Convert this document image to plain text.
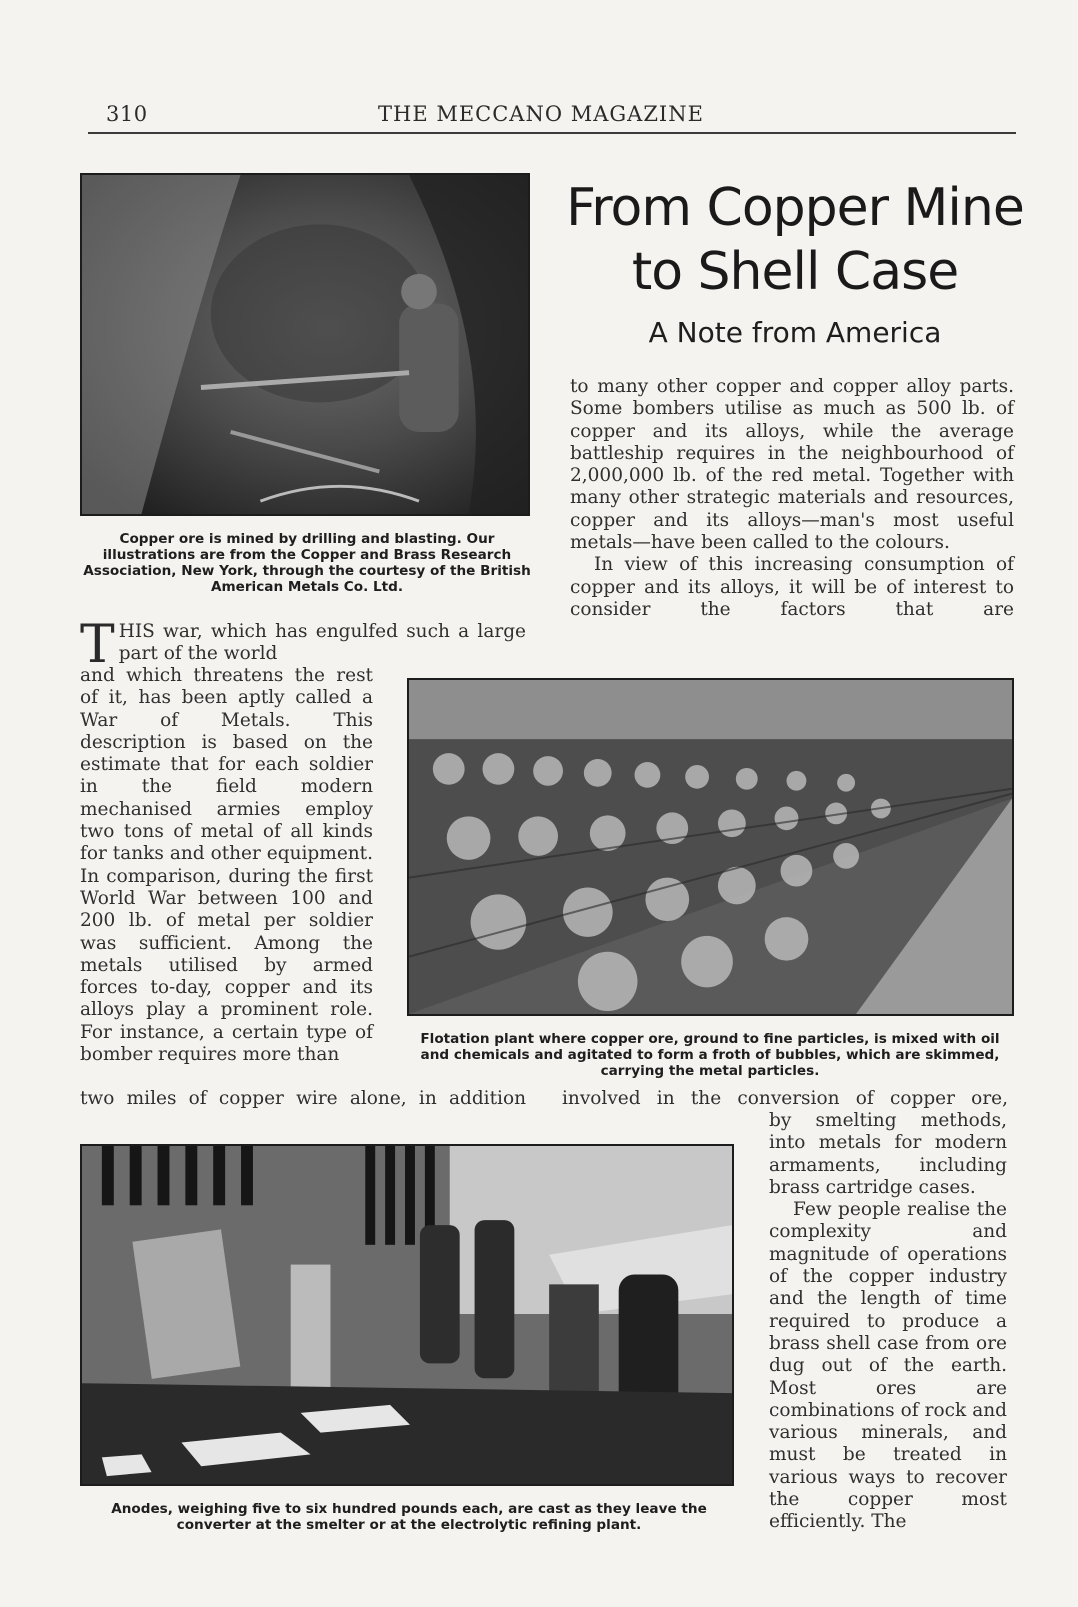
310	THE MECCANO MAGAZINE
Copper ore is mined by drilling and blasting. Our illustrations are from the Copper and Brass Research Association, New York, through the courtesy of the British American Metals Co. Ltd.
From Copper Mine
to Shell Case
A Note from America

to many other copper and copper alloy parts. Some bombers utilise as much as 500 lb. of copper and its alloys, while the average battleship requires in the neighbourhood of 2,000,000 lb. of the red metal. Together with many other strategic materials and resources, copper and its alloys—man's most useful metals—have been called to the colours.

In view of this increasing consumption of copper and its alloys, it will be of interest to consider the factors that are

T HIS war, which has engulfed such a large part of the world

and which threatens the rest of it, has been aptly called a War of Metals. This description is based on the estimate that for each soldier in the field modern mechanised armies employ two tons of metal of all kinds for tanks and other equipment. In comparison, during the first World War between 100 and 200 lb. of metal per soldier was sufficient. Among the metals utilised by armed forces to-day, copper and its alloys play a prominent role. For instance, a certain type of bomber requires more than

two miles of copper wire alone, in addition
Flotation plant where copper ore, ground to fine particles, is mixed with oil and chemicals and agitated to form a froth of bubbles, which are skimmed, carrying the metal particles.
involved in the conversion of copper ore,
Anodes, weighing five to six hundred pounds each, are cast as they leave the converter at the smelter or at the electrolytic refining plant.

by smelting methods, into metals for modern armaments, including brass cartridge cases.

Few people realise the complexity and magnitude of operations of the copper industry and the length of time required to produce a brass shell case from ore dug out of the earth. Most ores are combinations of rock and various minerals, and must be treated in various ways to recover the copper most efficiently. The
